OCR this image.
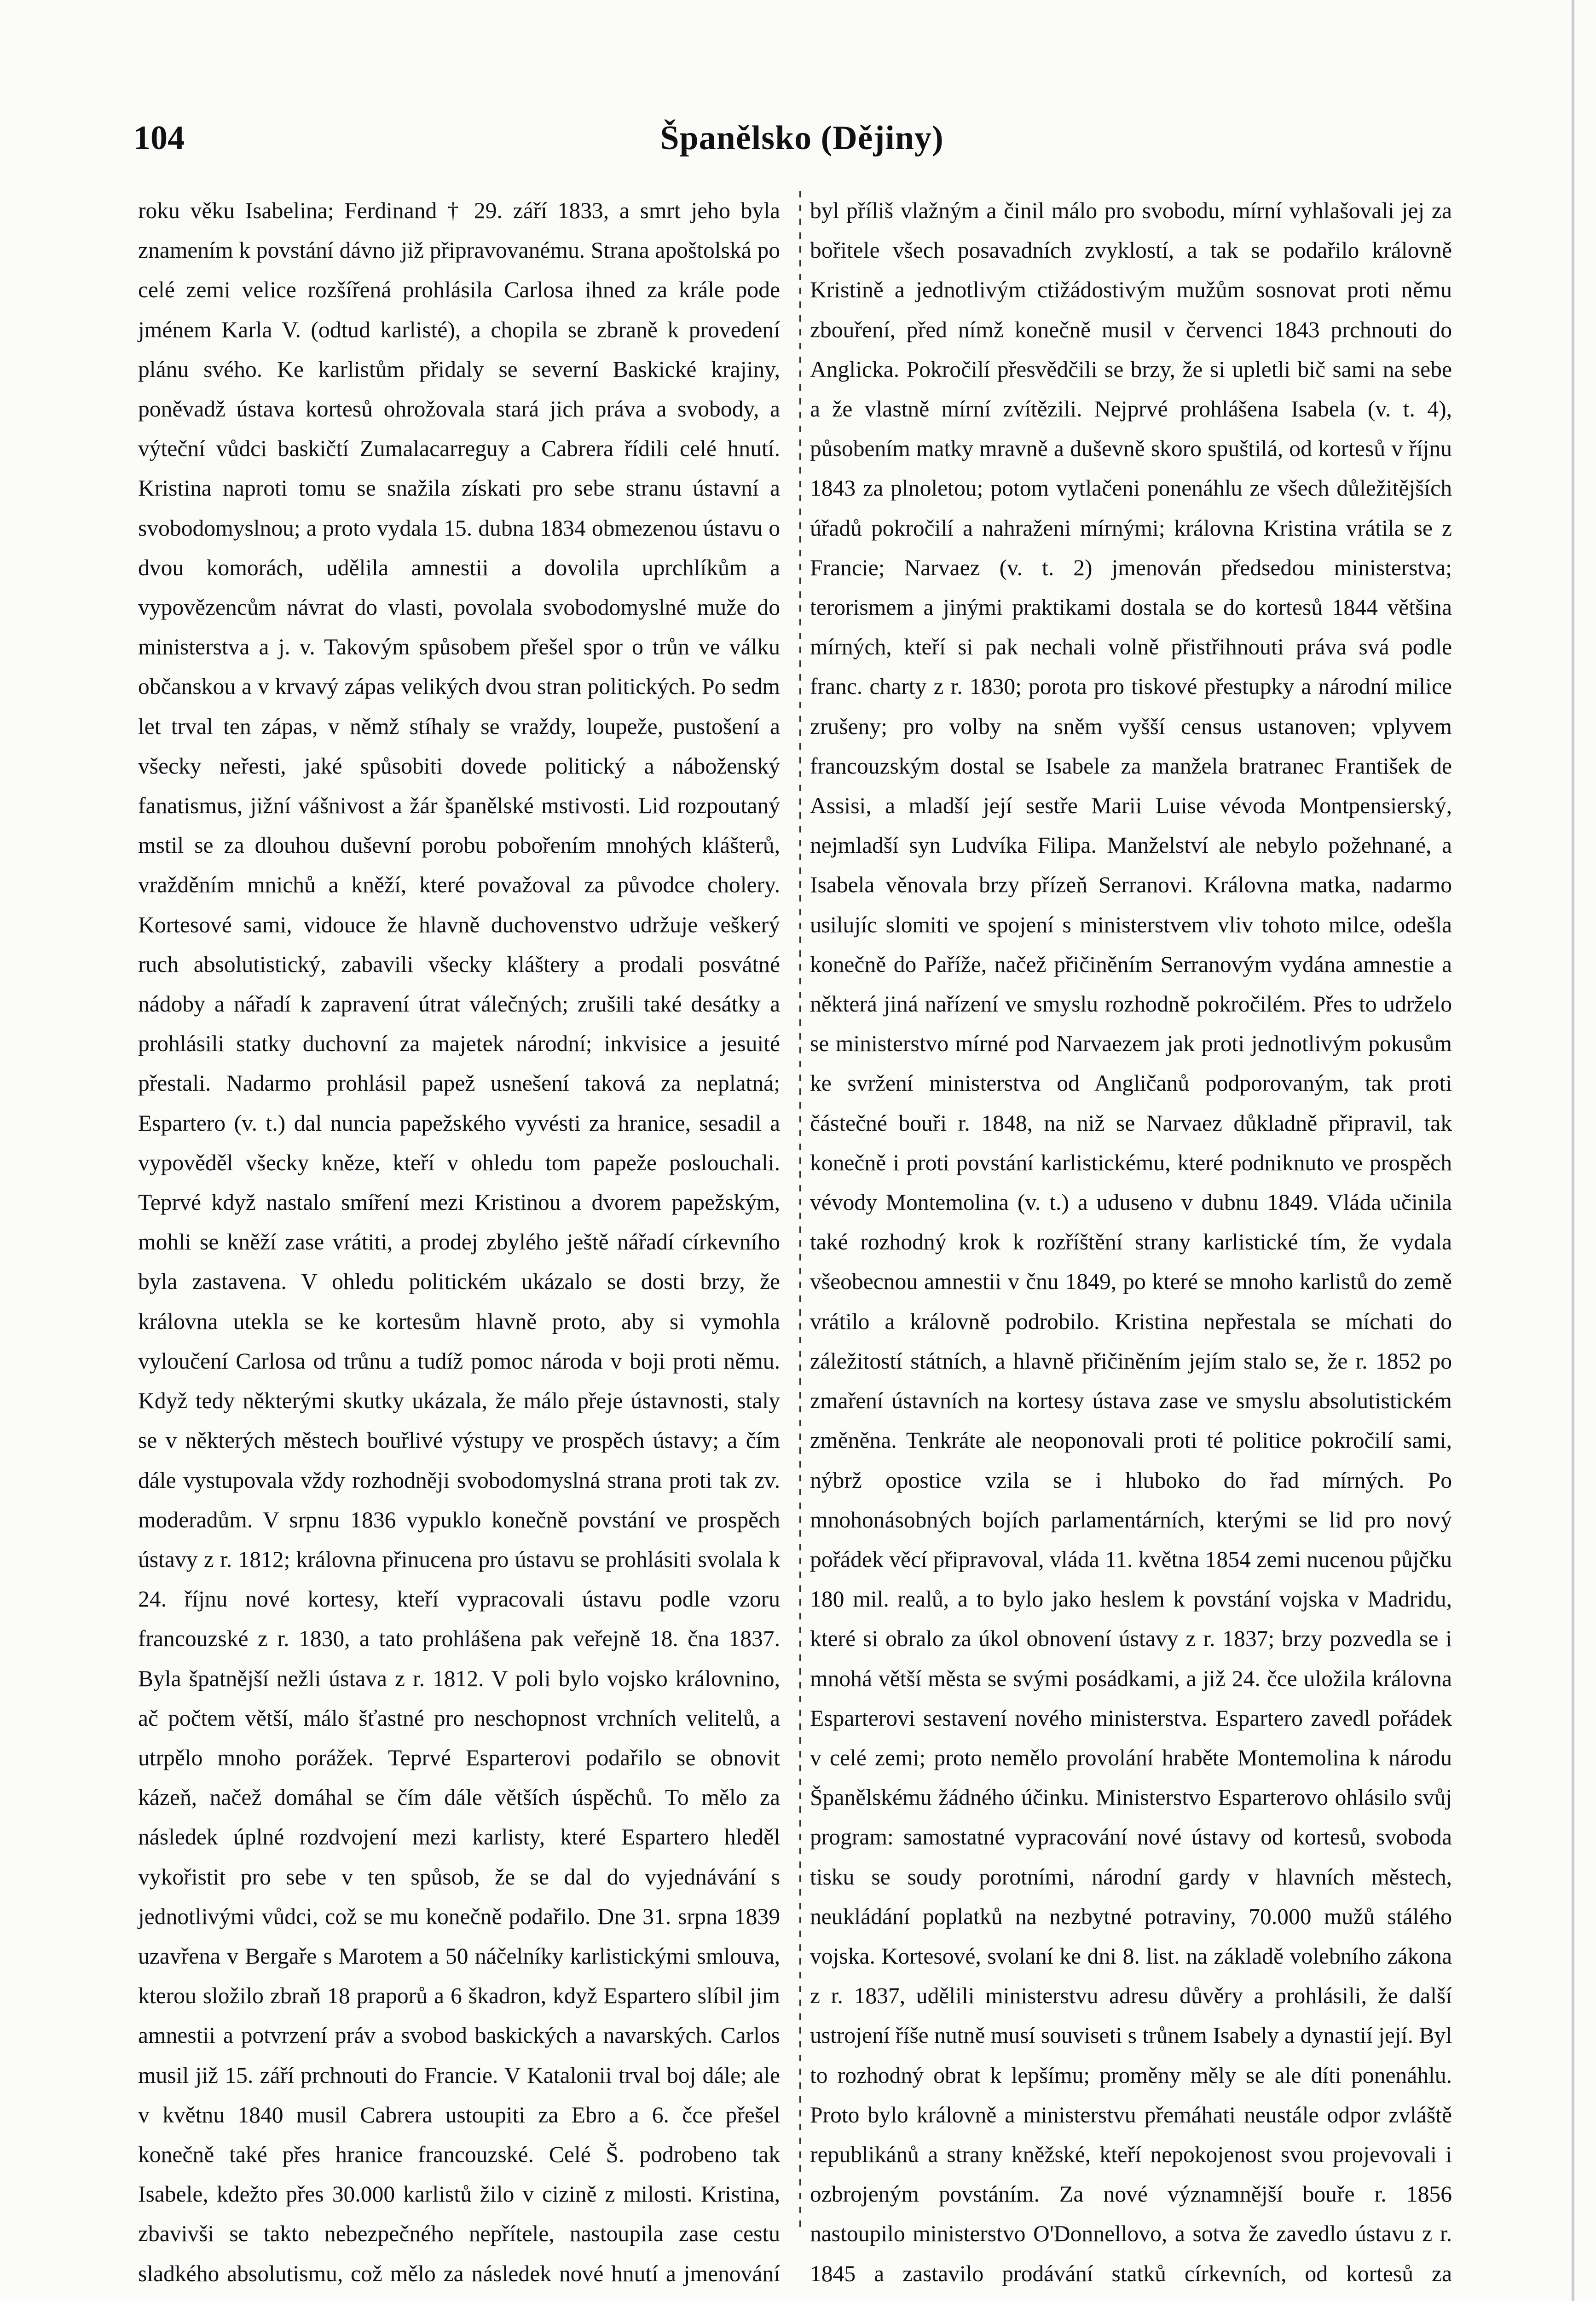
104	Španělsko (Dějiny)

roku věku Isabelina; Ferdinand † 29. září 1833, a smrt jeho byla znamením k povstání dávno již připravovanému. Strana apoštolská po celé zemi velice rozšířená prohlásila Carlosa ihned za krále pode jménem Karla V. (odtud karlisté), a chopila se zbraně k provedení plánu svého. Ke karlistům přidaly se severní Baskické krajiny, poněvadž ústava kortesů ohrožovala stará jich práva a svobody, a výteční vůdci baskičtí Zumalacarreguy a Cabrera řídili celé hnutí. Kristina naproti tomu se snažila získati pro sebe stranu ústavní a svobodomyslnou; a proto vydala 15. dubna 1834 obmezenou ústavu o dvou komorách, udělila amnestii a dovolila uprchlíkům a vypovězencům návrat do vlasti, povolala svobodomyslné muže do ministerstva a j. v. Takovým spůsobem přešel spor o trůn ve válku občanskou a v krvavý zápas velikých dvou stran politických. Po sedm let trval ten zápas, v němž stíhaly se vraždy, loupeže, pustošení a všecky neřesti, jaké spůsobiti dovede politický a náboženský fanatismus, jižní vášnivost a žár španělské mstivosti. Lid rozpoutaný mstil se za dlouhou duševní porobu pobořením mnohých klášterů, vražděním mnichů a kněží, které považoval za původce cholery. Kortesové sami, vidouce že hlavně duchovenstvo udržuje veškerý ruch absolutistický, zabavili všecky kláštery a prodali posvátné nádoby a nářadí k zapravení útrat válečných; zrušili také desátky a prohlásili statky duchovní za majetek národní; inkvisice a jesuité přestali. Nadarmo prohlásil papež usnešení taková za neplatná; Espartero (v. t.) dal nuncia papežského vyvésti za hranice, sesadil a vypověděl všecky kněze, kteří v ohledu tom papeže poslouchali. Teprvé když nastalo smíření mezi Kristinou a dvorem papežským, mohli se kněží zase vrátiti, a prodej zbylého ještě nářadí církevního byla zastavena. V ohledu politickém ukázalo se dosti brzy, že královna utekla se ke kortesům hlavně proto, aby si vymohla vyloučení Carlosa od trůnu a tudíž pomoc národa v boji proti němu. Když tedy některými skutky ukázala, že málo přeje ústavnosti, staly se v některých městech bouřlivé výstupy ve prospěch ústavy; a čím dále vystupovala vždy rozhodněji svobodomyslná strana proti tak zv. moderadům. V srpnu 1836 vypuklo konečně povstání ve prospěch ústavy z r. 1812; královna přinucena pro ústavu se prohlásiti svolala k 24. říjnu nové kortesy, kteří vypracovali ústavu podle vzoru francouzské z r. 1830, a tato prohlášena pak veřejně 18. čna 1837. Byla špatnější nežli ústava z r. 1812. V poli bylo vojsko královnino, ač počtem větší, málo šťastné pro neschopnost vrchních velitelů, a utrpělo mnoho porážek. Teprvé Esparterovi podařilo se obnovit kázeň, načež domáhal se čím dále větších úspěchů. To mělo za následek úplné rozdvojení mezi karlisty, které Espartero hleděl vykořistit pro sebe v ten spůsob, že se dal do vyjednávání s jednotlivými vůdci, což se mu konečně podařilo. Dne 31. srpna 1839 uzavřena v Bergaře s Marotem a 50 náčelníky karlistickými smlouva, kterou složilo zbraň 18 praporů a 6 škadron, když Espartero slíbil jim amnestii a potvrzení práv a svobod baskických a navarských. Carlos musil již 15. září prchnouti do Francie. V Katalonii trval boj dále; ale v květnu 1840 musil Cabrera ustoupiti za Ebro a 6. čce přešel konečně také přes hranice francouzské. Celé Š. podrobeno tak Isabele, kdežto přes 30.000 karlistů žilo v cizině z milosti. Kristina, zbavivši se takto nebezpečného nepřítele, nastoupila zase cestu sladkého absolutismu, což mělo za následek nové hnutí a jmenování

byl příliš vlažným a činil málo pro svobodu, mírní vyhlašovali jej za bořitele všech posavadních zvyklostí, a tak se podařilo královně Kristině a jednotlivým ctižádostivým mužům sosnovat proti němu zbouření, před nímž konečně musil v červenci 1843 prchnouti do Anglicka. Pokročilí přesvědčili se brzy, že si upletli bič sami na sebe a že vlastně mírní zvítězili. Nejprvé prohlášena Isabela (v. t. 4), působením matky mravně a duševně skoro spuštilá, od kortesů v říjnu 1843 za plnoletou; potom vytlačeni ponenáhlu ze všech důležitějších úřadů pokročilí a nahraženi mírnými; královna Kristina vrátila se z Francie; Narvaez (v. t. 2) jmenován předsedou ministerstva; terorismem a jinými praktikami dostala se do kortesů 1844 většina mírných, kteří si pak nechali volně přistřihnouti práva svá podle franc. charty z r. 1830; porota pro tiskové přestupky a národní milice zrušeny; pro volby na sněm vyšší census ustanoven; vplyvem francouzským dostal se Isabele za manžela bratranec František de Assisi, a mladší její sestře Marii Luise vévoda Montpensierský, nejmladší syn Ludvíka Filipa. Manželství ale nebylo požehnané, a Isabela věnovala brzy přízeň Serranovi. Královna matka, nadarmo usilujíc slomiti ve spojení s ministerstvem vliv tohoto milce, odešla konečně do Paříže, načež přičiněním Serranovým vydána amnestie a některá jiná nařízení ve smyslu rozhodně pokročilém. Přes to udrželo se ministerstvo mírné pod Narvaezem jak proti jednotlivým pokusům ke svržení ministerstva od Angličanů podporovaným, tak proti částečné bouři r. 1848, na niž se Narvaez důkladně připravil, tak konečně i proti povstání karlistickému, které podniknuto ve prospěch vévody Montemolina (v. t.) a uduseno v dubnu 1849. Vláda učinila také rozhodný krok k rozříštění strany karlistické tím, že vydala všeobecnou amnestii v čnu 1849, po které se mnoho karlistů do země vrátilo a královně podrobilo. Kristina nepřestala se míchati do záležitostí státních, a hlavně přičiněním jejím stalo se, že r. 1852 po zmaření ústavních na kortesy ústava zase ve smyslu absolutistickém změněna. Tenkráte ale neoponovali proti té politice pokročilí sami, nýbrž opostice vzila se i hluboko do řad mírných. Po mnohonásobných bojích parlamentárních, kterými se lid pro nový pořádek věcí připravoval, vláda 11. května 1854 zemi nucenou půjčku 180 mil. realů, a to bylo jako heslem k povstání vojska v Madridu, které si obralo za úkol obnovení ústavy z r. 1837; brzy pozvedla se i mnohá větší města se svými posádkami, a již 24. čce uložila královna Esparterovi sestavení nového ministerstva. Espartero zavedl pořádek v celé zemi; proto nemělo provolání hraběte Montemolina k národu Španělskému žádného účinku. Ministerstvo Esparterovo ohlásilo svůj program: samostatné vypracování nové ústavy od kortesů, svoboda tisku se soudy porotními, národní gardy v hlavních městech, neukládání poplatků na nezbytné potraviny, 70.000 mužů stálého vojska. Kortesové, svolaní ke dni 8. list. na základě volebního zákona z r. 1837, udělili ministerstvu adresu důvěry a prohlásili, že další ustrojení říše nutně musí souviseti s trůnem Isabely a dynastií její. Byl to rozhodný obrat k lepšímu; proměny měly se ale díti ponenáhlu. Proto bylo královně a ministerstvu přemáhati neustále odpor zvláště republikánů a strany kněžské, kteří nepokojenost svou projevovali i ozbrojeným povstáním. Za nové významnější bouře r. 1856 nastoupilo ministerstvo O'Donnellovo, a sotva že zavedlo ústavu z r. 1845 a zastavilo prodávání statků církevních, od kortesů za
